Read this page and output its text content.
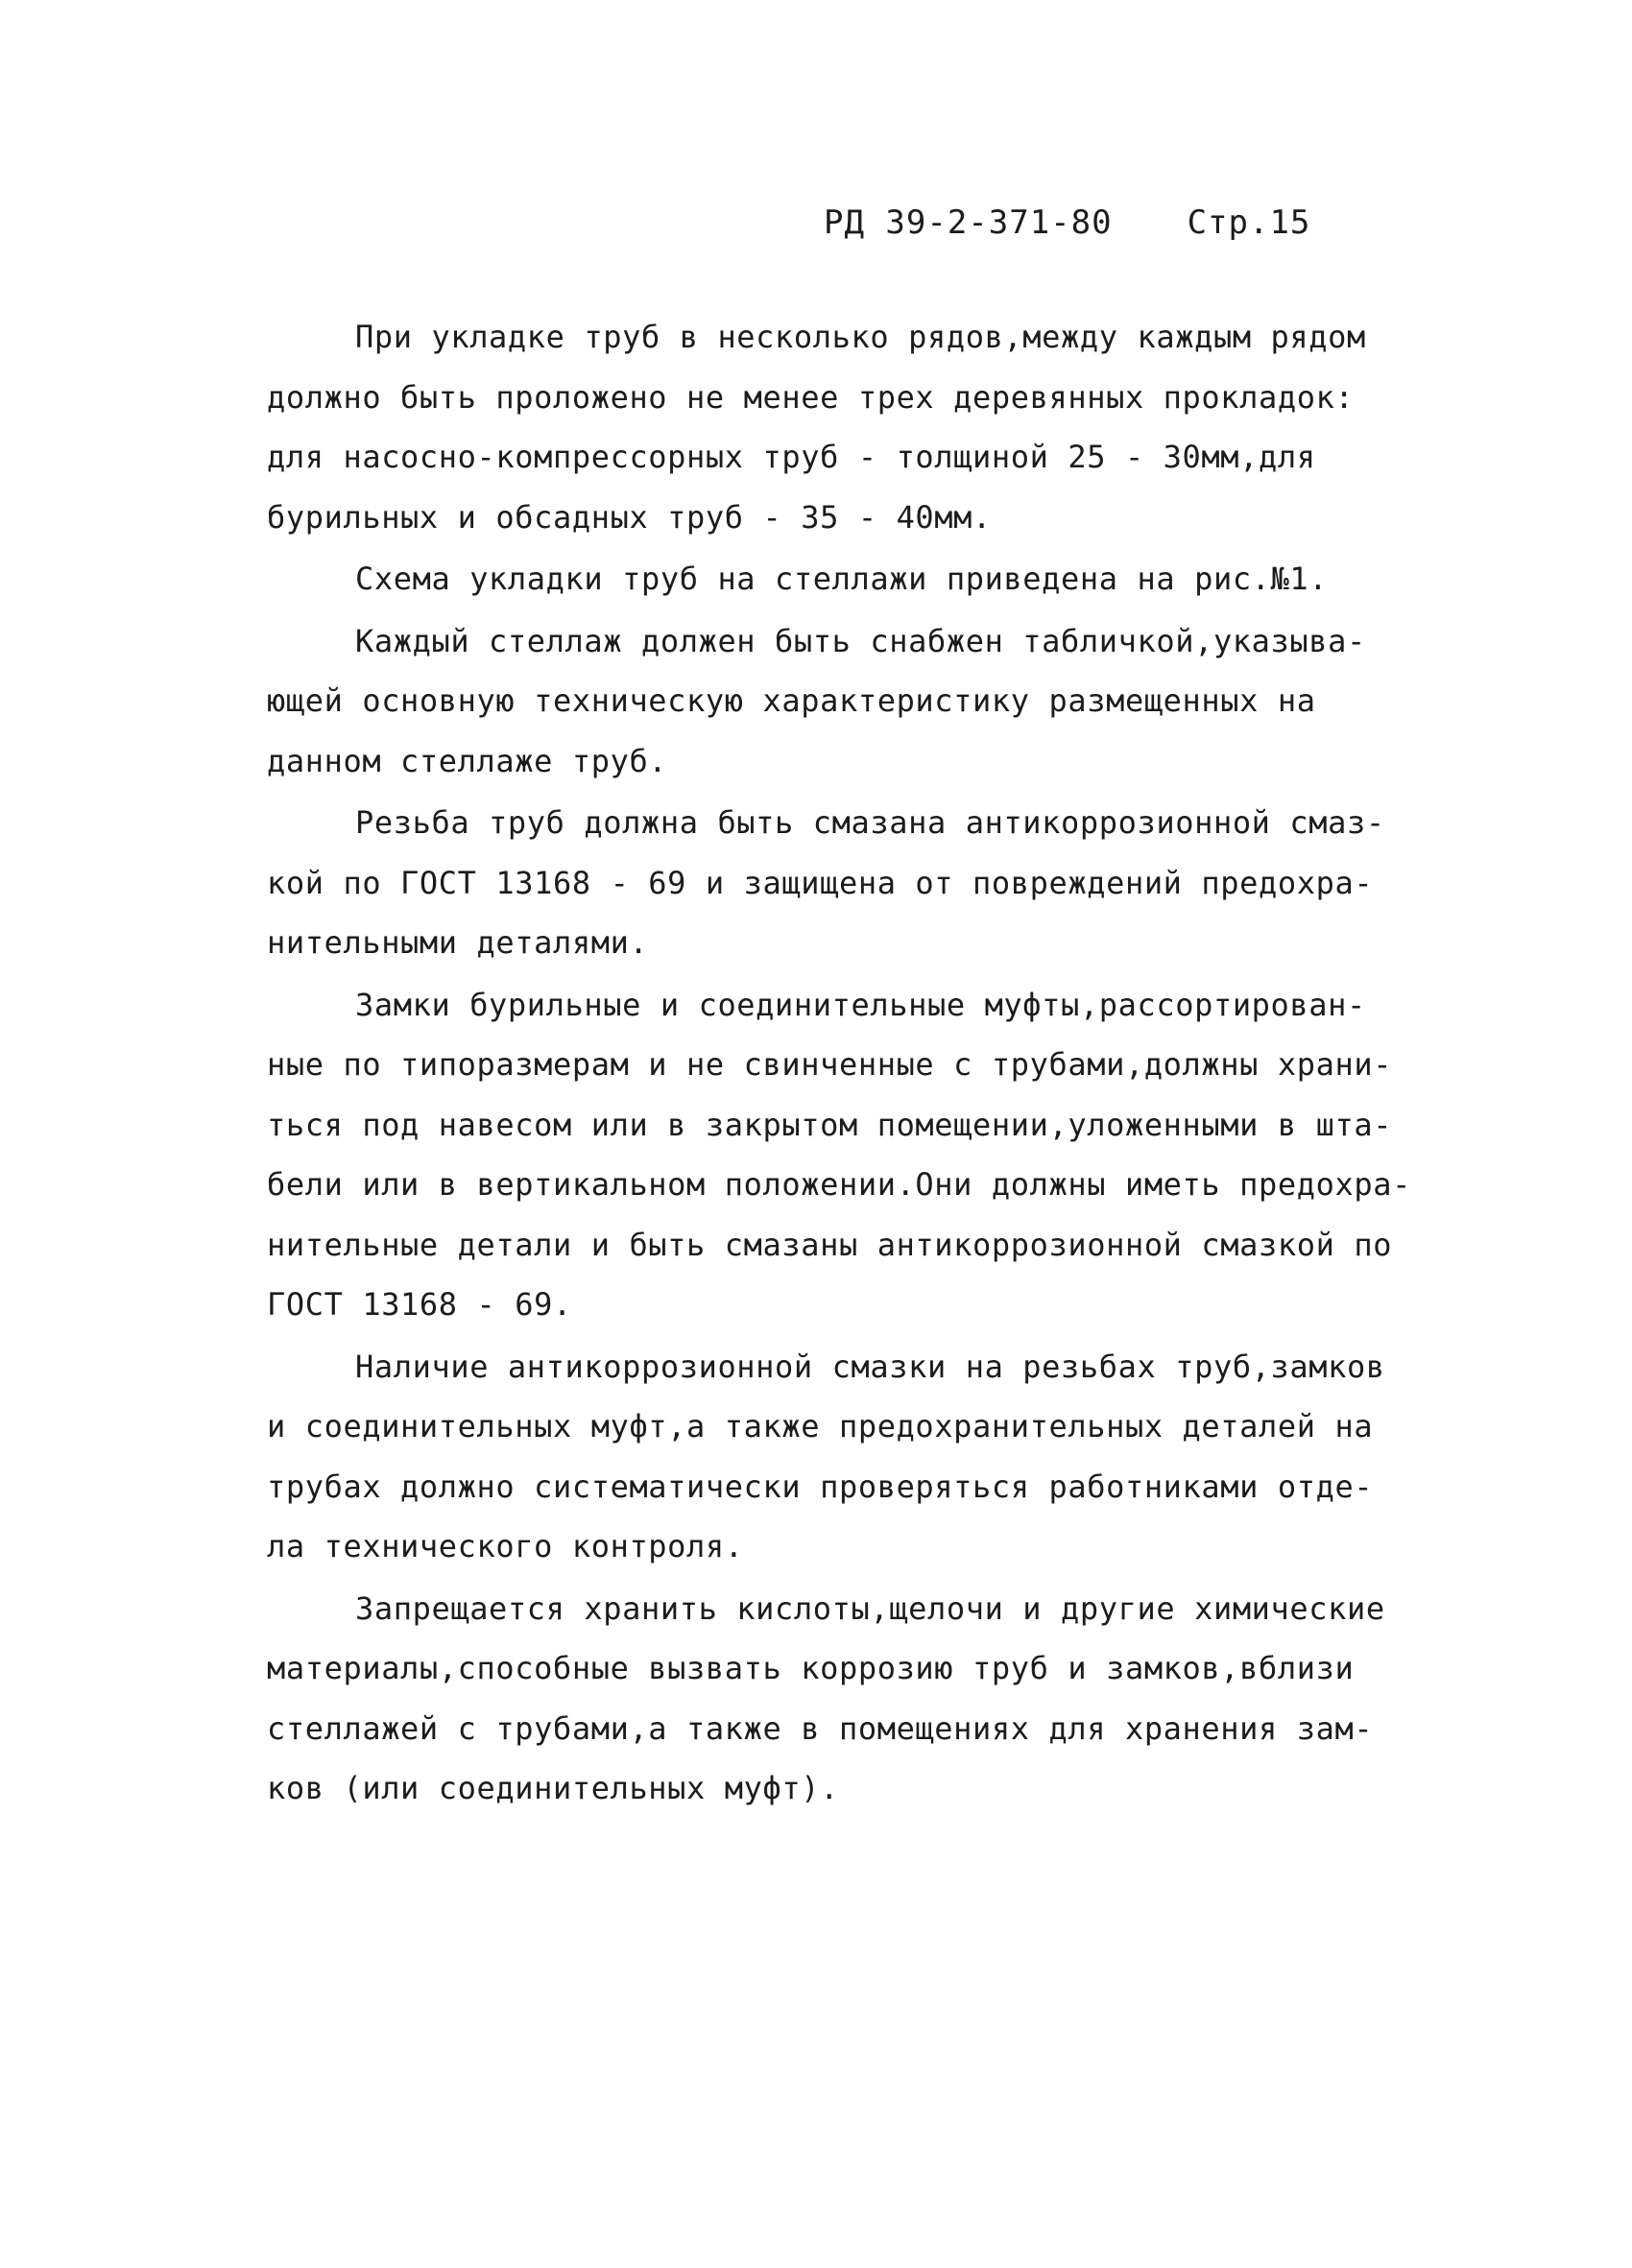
РД 39-2-371-80 Стр.15
При укладке труб в несколько рядов,между каждым рядом
должно быть проложено не менее трех деревянных прокладок:
для насосно-компрессорных труб - толщиной 25 - 30мм,для
бурильных и обсадных труб - 35 - 40мм.
Схема укладки труб на стеллажи приведена на рис.№1.
Каждый стеллаж должен быть снабжен табличкой,указыва-
ющей основную техническую характеристику размещенных на
данном стеллаже труб.
Резьба труб должна быть смазана антикоррозионной смаз-
кой по ГОСТ 13168 - 69 и защищена от повреждений предохра-
нительными деталями.
Замки бурильные и соединительные муфты,рассортирован-
ные по типоразмерам и не свинченные с трубами,должны храни-
ться под навесом или в закрытом помещении,уложенными в шта-
бели или в вертикальном положении.Они должны иметь предохра-
нительные детали и быть смазаны антикоррозионной смазкой по
ГОСТ 13168 - 69.
Наличие антикоррозионной смазки на резьбах труб,замков
и соединительных муфт,а также предохранительных деталей на
трубах должно систематически проверяться работниками отде-
ла технического контроля.
Запрещается хранить кислоты,щелочи и другие химические
материалы,способные вызвать коррозию труб и замков,вблизи
стеллажей с трубами,а также в помещениях для хранения зам-
ков (или соединительных муфт).
